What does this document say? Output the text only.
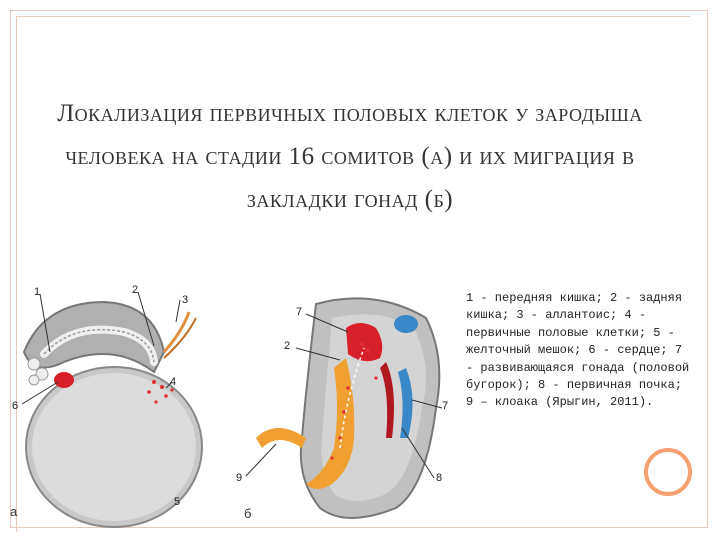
Локализация первичных половых клеток у зародыша человека на стадии 16 сомитов (а) и их миграция в закладки гонад (б)
1	2
3
4
5
6
а
7
2
7
9	8
б
1 - передняя кишка; 2 - задняя кишка; 3 - аллантоис; 4 - первичные половые клетки; 5 - желточный мешок; 6 - сердце; 7 - развивающаяся гонада (половой бугорок); 8 - первичная почка; 9 – клоака (Ярыгин, 2011).
